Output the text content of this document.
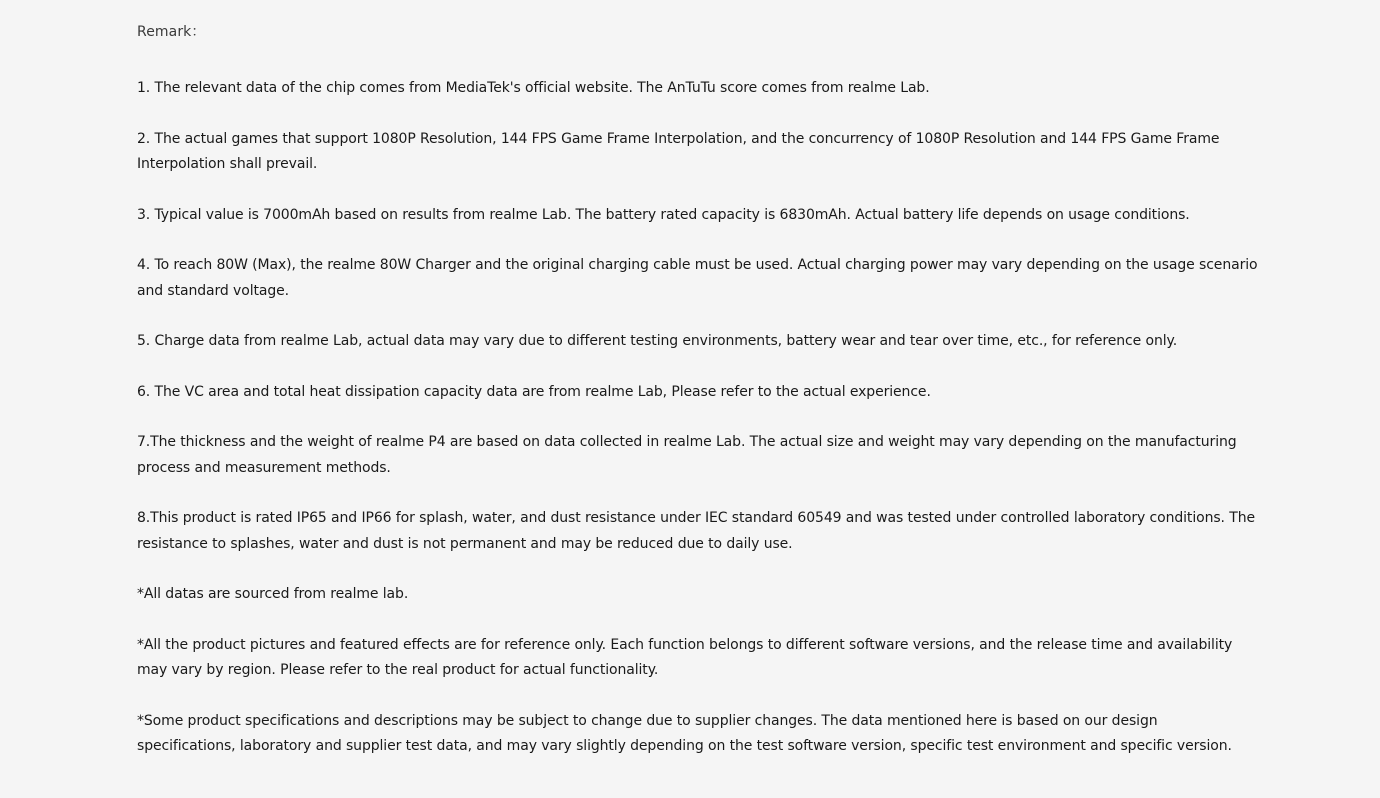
Remark：
1. The relevant data of the chip comes from MediaTek's official website. The AnTuTu score comes from realme Lab.
2. The actual games that support 1080P Resolution, 144 FPS Game Frame Interpolation, and the concurrency of 1080P Resolution and 144 FPS Game Frame Interpolation shall prevail.
3. Typical value is 7000mAh based on results from realme Lab. The battery rated capacity is 6830mAh. Actual battery life depends on usage conditions.
4. To reach 80W (Max), the realme 80W Charger and the original charging cable must be used. Actual charging power may vary depending on the usage scenario and standard voltage.
5. Charge data from realme Lab, actual data may vary due to different testing environments, battery wear and tear over time, etc., for reference only.
6. The VC area and total heat dissipation capacity data are from realme Lab, Please refer to the actual experience.
7.The thickness and the weight of realme P4 are based on data collected in realme Lab. The actual size and weight may vary depending on the manufacturing process and measurement methods.
8.This product is rated IP65 and IP66 for splash, water, and dust resistance under IEC standard 60549 and was tested under controlled laboratory conditions. The resistance to splashes, water and dust is not permanent and may be reduced due to daily use.
*All datas are sourced from realme lab.
*All the product pictures and featured effects are for reference only. Each function belongs to different software versions, and the release time and availability may vary by region. Please refer to the real product for actual functionality.
*Some product specifications and descriptions may be subject to change due to supplier changes. The data mentioned here is based on our design specifications, laboratory and supplier test data, and may vary slightly depending on the test software version, specific test environment and specific version.
